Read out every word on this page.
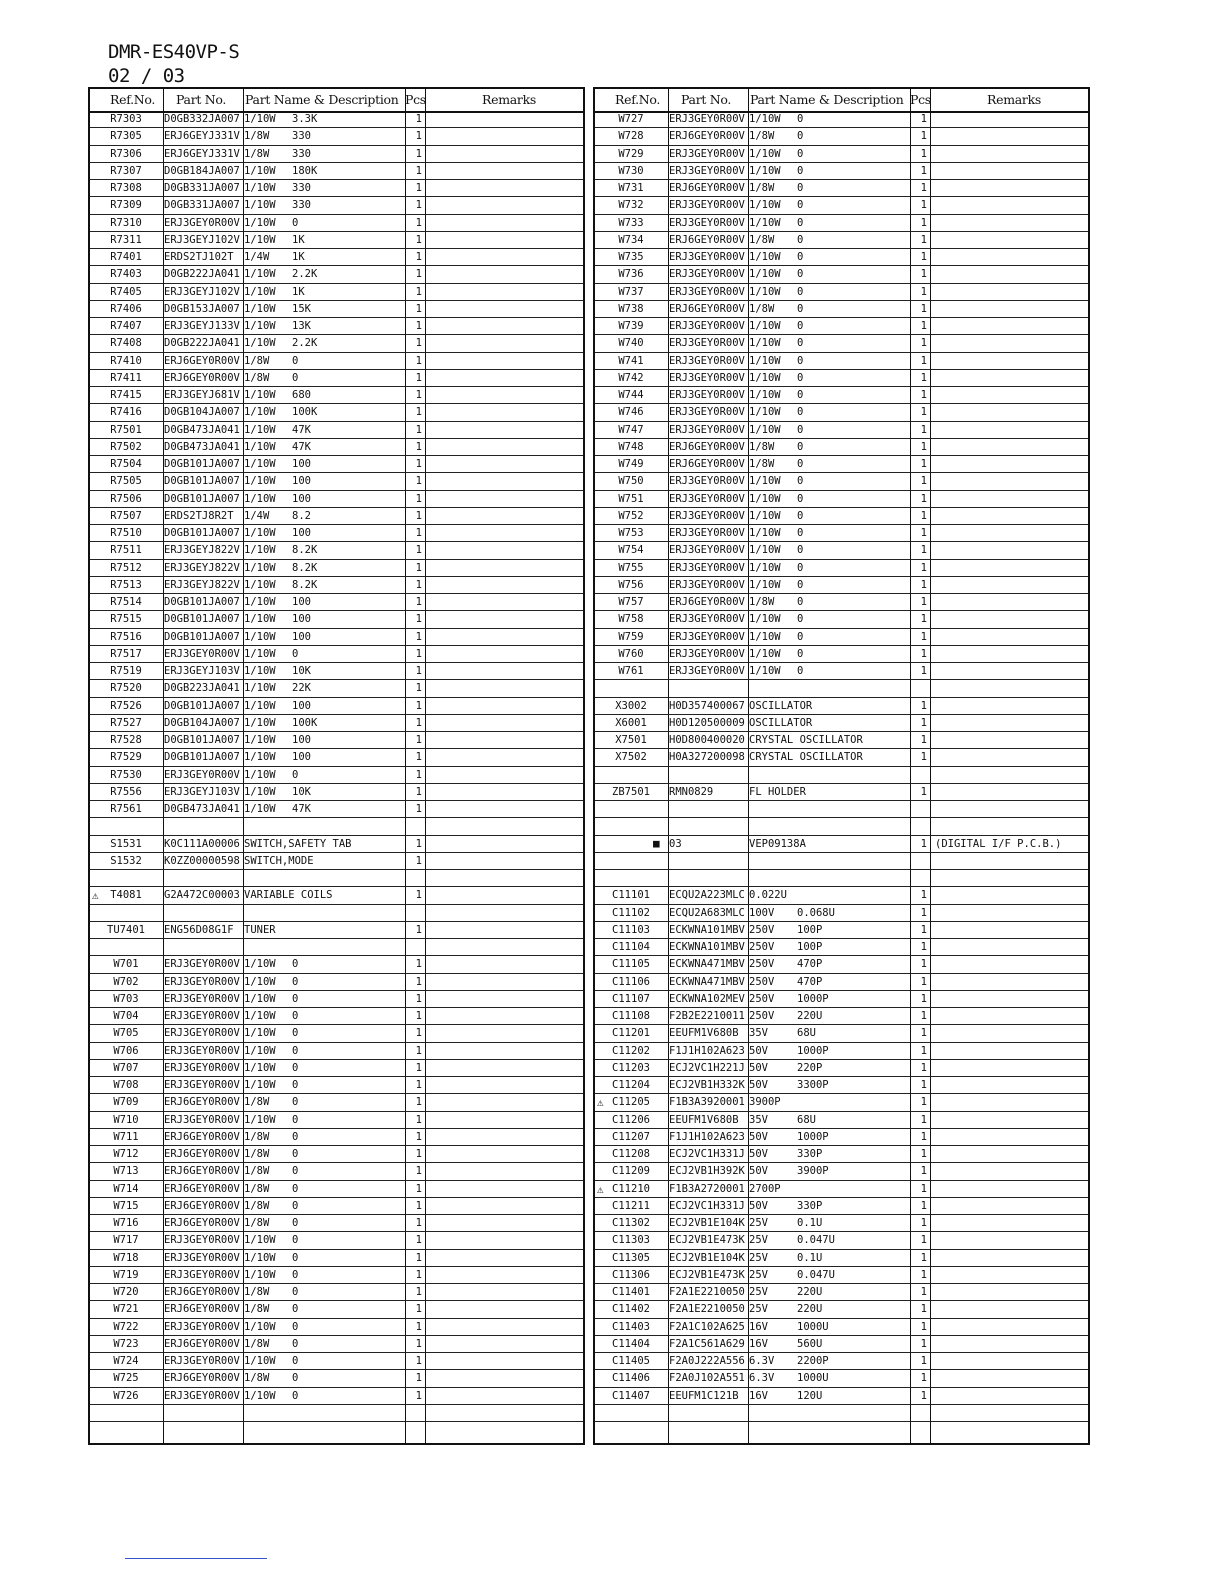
DMR-ES40VP-S
02 / 03
Ref.No. Part No. Part Name & Description Pcs	Remarks
R7303	D0GB332JA007 1/10W 3.3K	1
R7305	ERJ6GEYJ331V 1/8W 330	1
R7306	ERJ6GEYJ331V 1/8W 330	1
R7307	D0GB184JA007 1/10W 180K	1
R7308	D0GB331JA007 1/10W 330	1
R7309	D0GB331JA007 1/10W 330	1
R7310	ERJ3GEY0R00V 1/10W 0	1
R7311	ERJ3GEYJ102V 1/10W 1K	1
R7401	ERDS2TJ102T 1/4W 1K	1
R7403	D0GB222JA041 1/10W 2.2K	1
R7405	ERJ3GEYJ102V 1/10W 1K	1
R7406	D0GB153JA007 1/10W 15K	1
R7407	ERJ3GEYJ133V 1/10W 13K	1
R7408	D0GB222JA041 1/10W 2.2K	1
R7410	ERJ6GEY0R00V 1/8W 0	1
R7411	ERJ6GEY0R00V 1/8W 0	1
R7415	ERJ3GEYJ681V 1/10W 680	1
R7416	D0GB104JA007 1/10W 100K	1
R7501	D0GB473JA041 1/10W 47K	1
R7502	D0GB473JA041 1/10W 47K	1
R7504	D0GB101JA007 1/10W 100	1
R7505	D0GB101JA007 1/10W 100	1
R7506	D0GB101JA007 1/10W 100	1
R7507	ERDS2TJ8R2T 1/4W 8.2	1
R7510	D0GB101JA007 1/10W 100	1
R7511	ERJ3GEYJ822V 1/10W 8.2K	1
R7512	ERJ3GEYJ822V 1/10W 8.2K	1
R7513	ERJ3GEYJ822V 1/10W 8.2K	1
R7514	D0GB101JA007 1/10W 100	1
R7515	D0GB101JA007 1/10W 100	1
R7516	D0GB101JA007 1/10W 100	1
R7517	ERJ3GEY0R00V 1/10W 0	1
R7519	ERJ3GEYJ103V 1/10W 10K	1
R7520	D0GB223JA041 1/10W 22K	1
R7526	D0GB101JA007 1/10W 100	1
R7527	D0GB104JA007 1/10W 100K	1
R7528	D0GB101JA007 1/10W 100	1
R7529	D0GB101JA007 1/10W 100	1
R7530	ERJ3GEY0R00V 1/10W 0	1
R7556	ERJ3GEYJ103V 1/10W 10K	1
R7561	D0GB473JA041 1/10W 47K	1
S1531	K0C111A00006 SWITCH,SAFETY TAB	1
S1532	K0ZZ00000598 SWITCH,MODE	1
⚠	T4081	G2A472C00003 VARIABLE COILS	1
TU7401	ENG56D08G1F TUNER	1
W701	ERJ3GEY0R00V 1/10W 0	1
W702	ERJ3GEY0R00V 1/10W 0	1
W703	ERJ3GEY0R00V 1/10W 0	1
W704	ERJ3GEY0R00V 1/10W 0	1
W705	ERJ3GEY0R00V 1/10W 0	1
W706	ERJ3GEY0R00V 1/10W 0	1
W707	ERJ3GEY0R00V 1/10W 0	1
W708	ERJ3GEY0R00V 1/10W 0	1
W709	ERJ6GEY0R00V 1/8W 0	1
W710	ERJ3GEY0R00V 1/10W 0	1
W711	ERJ6GEY0R00V 1/8W 0	1
W712	ERJ6GEY0R00V 1/8W 0	1
W713	ERJ6GEY0R00V 1/8W 0	1
W714	ERJ6GEY0R00V 1/8W 0	1
W715	ERJ6GEY0R00V 1/8W 0	1
W716	ERJ6GEY0R00V 1/8W 0	1
W717	ERJ3GEY0R00V 1/10W 0	1
W718	ERJ3GEY0R00V 1/10W 0	1
W719	ERJ3GEY0R00V 1/10W 0	1
W720	ERJ6GEY0R00V 1/8W 0	1
W721	ERJ6GEY0R00V 1/8W 0	1
W722	ERJ3GEY0R00V 1/10W 0	1
W723	ERJ6GEY0R00V 1/8W 0	1
W724	ERJ3GEY0R00V 1/10W 0	1
W725	ERJ6GEY0R00V 1/8W 0	1
W726	ERJ3GEY0R00V 1/10W 0	1
Ref.No. Part No. Part Name & Description Pcs	Remarks
W727	ERJ3GEY0R00V 1/10W 0	1
W728	ERJ6GEY0R00V 1/8W 0	1
W729	ERJ3GEY0R00V 1/10W 0	1
W730	ERJ3GEY0R00V 1/10W 0	1
W731	ERJ6GEY0R00V 1/8W 0	1
W732	ERJ3GEY0R00V 1/10W 0	1
W733	ERJ3GEY0R00V 1/10W 0	1
W734	ERJ6GEY0R00V 1/8W 0	1
W735	ERJ3GEY0R00V 1/10W 0	1
W736	ERJ3GEY0R00V 1/10W 0	1
W737	ERJ3GEY0R00V 1/10W 0	1
W738	ERJ6GEY0R00V 1/8W 0	1
W739	ERJ3GEY0R00V 1/10W 0	1
W740	ERJ3GEY0R00V 1/10W 0	1
W741	ERJ3GEY0R00V 1/10W 0	1
W742	ERJ3GEY0R00V 1/10W 0	1
W744	ERJ3GEY0R00V 1/10W 0	1
W746	ERJ3GEY0R00V 1/10W 0	1
W747	ERJ3GEY0R00V 1/10W 0	1
W748	ERJ6GEY0R00V 1/8W 0	1
W749	ERJ6GEY0R00V 1/8W 0	1
W750	ERJ3GEY0R00V 1/10W 0	1
W751	ERJ3GEY0R00V 1/10W 0	1
W752	ERJ3GEY0R00V 1/10W 0	1
W753	ERJ3GEY0R00V 1/10W 0	1
W754	ERJ3GEY0R00V 1/10W 0	1
W755	ERJ3GEY0R00V 1/10W 0	1
W756	ERJ3GEY0R00V 1/10W 0	1
W757	ERJ6GEY0R00V 1/8W 0	1
W758	ERJ3GEY0R00V 1/10W 0	1
W759	ERJ3GEY0R00V 1/10W 0	1
W760	ERJ3GEY0R00V 1/10W 0	1
W761	ERJ3GEY0R00V 1/10W 0	1
X3002	H0D357400067 OSCILLATOR	1
X6001	H0D120500009 OSCILLATOR	1
X7501	H0D800400020 CRYSTAL OSCILLATOR	1
X7502	H0A327200098 CRYSTAL OSCILLATOR	1
ZB7501	RMN0829	FL HOLDER	1
■ 03	VEP09138A	1 (DIGITAL I/F P.C.B.)
C11101	ECQU2A223MLC 0.022U	1
C11102	ECQU2A683MLC 100V 0.068U	1
C11103	ECKWNA101MBV 250V 100P	1
C11104	ECKWNA101MBV 250V 100P	1
C11105	ECKWNA471MBV 250V 470P	1
C11106	ECKWNA471MBV 250V 470P	1
C11107	ECKWNA102MEV 250V 1000P	1
C11108	F2B2E2210011 250V 220U	1
C11201	EEUFM1V680B 35V	68U	1
C11202	F1J1H102A623 50V	1000P	1
C11203	ECJ2VC1H221J 50V	220P	1
C11204	ECJ2VB1H332K 50V	3300P	1
⚠ C11205	F1B3A3920001 3900P	1
C11206	EEUFM1V680B 35V	68U	1
C11207	F1J1H102A623 50V	1000P	1
C11208	ECJ2VC1H331J 50V	330P	1
C11209	ECJ2VB1H392K 50V	3900P	1
⚠ C11210	F1B3A2720001 2700P	1
C11211	ECJ2VC1H331J 50V	330P	1
C11302	ECJ2VB1E104K 25V	0.1U	1
C11303	ECJ2VB1E473K 25V	0.047U	1
C11305	ECJ2VB1E104K 25V	0.1U	1
C11306	ECJ2VB1E473K 25V	0.047U	1
C11401	F2A1E2210050 25V	220U	1
C11402	F2A1E2210050 25V	220U	1
C11403	F2A1C102A625 16V	1000U	1
C11404	F2A1C561A629 16V	560U	1
C11405	F2A0J222A556 6.3V 2200P	1
C11406	F2A0J102A551 6.3V 1000U	1
C11407	EEUFM1C121B 16V	120U	1
